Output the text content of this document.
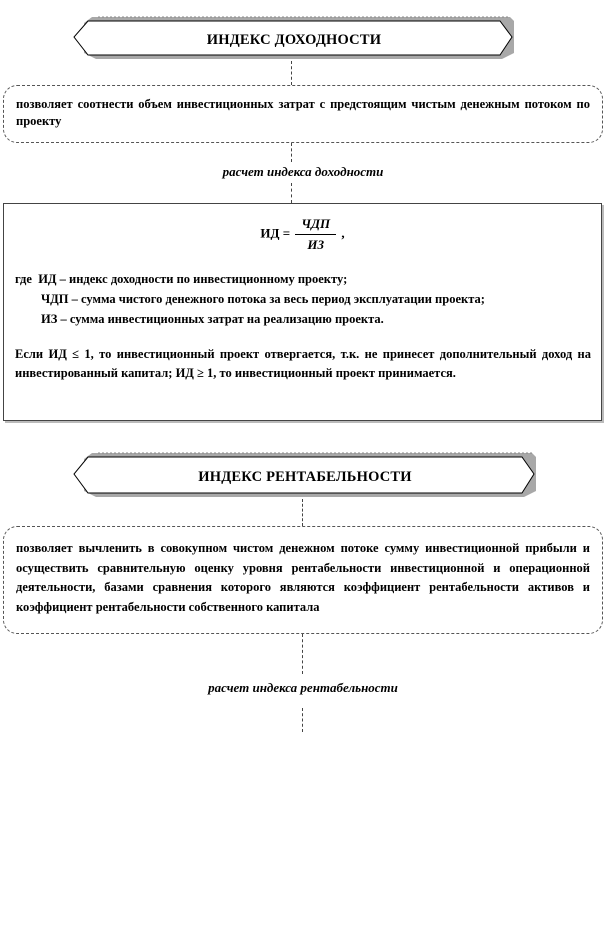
ИНДЕКС ДОХОДНОСТИ
позволяет соотнести объем инвестиционных затрат с предстоящим чистым денежным потоком по проекту
расчет индекса доходности
ИД = $\frac{\text{ЧДП}}{ИЗ}$ ,
где ИД – индекс доходности по инвестиционному проекту;
ЧДП – сумма чистого денежного потока за весь период эксплуатации проекта;
ИЗ – сумма инвестиционных затрат на реализацию проекта.
Если ИД ≤ 1, то инвестиционный проект отвергается, т.к. не принесет дополнительный доход на инвестированный капитал; ИД ≥ 1, то инвестиционный проект принимается.
ИНДЕКС РЕНТАБЕЛЬНОСТИ
позволяет вычленить в совокупном чистом денежном потоке сумму инвестиционной прибыли и осуществить сравнительную оценку уровня рентабельности инвестиционной и операционной деятельности, базами сравнения которого являются коэффициент рентабельности активов и коэффициент рентабельности собственного капитала
расчет индекса рентабельности
